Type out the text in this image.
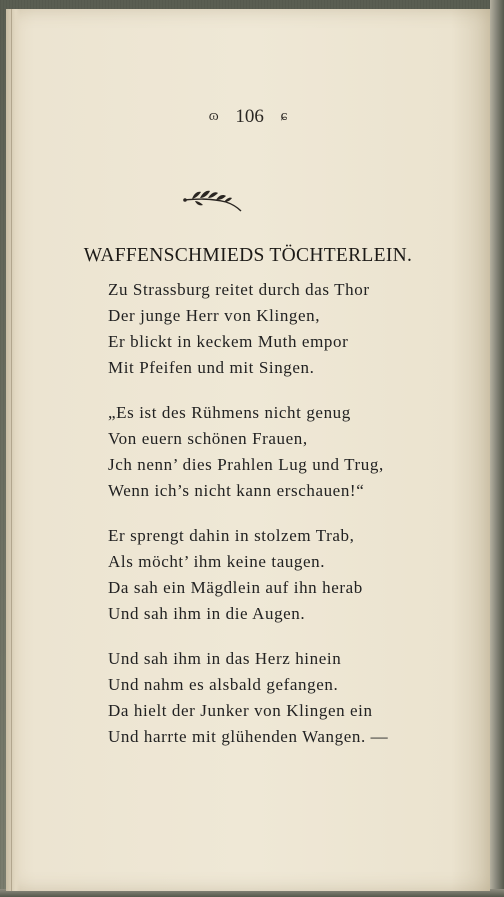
ɷ 106 ɕ
WAFFENSCHMIEDS TÖCHTERLEIN.
Zu Strassburg reitet durch das Thor
Der junge Herr von Klingen,
Er blickt in keckem Muth empor
Mit Pfeifen und mit Singen.
„Es ist des Rühmens nicht genug
Von euern schönen Frauen,
Jch nenn’ dies Prahlen Lug und Trug,
Wenn ich’s nicht kann erschauen!“
Er sprengt dahin in stolzem Trab,
Als möcht’ ihm keine taugen.
Da sah ein Mägdlein auf ihn herab
Und sah ihm in die Augen.
Und sah ihm in das Herz hinein
Und nahm es alsbald gefangen.
Da hielt der Junker von Klingen ein
Und harrte mit glühenden Wangen. —
